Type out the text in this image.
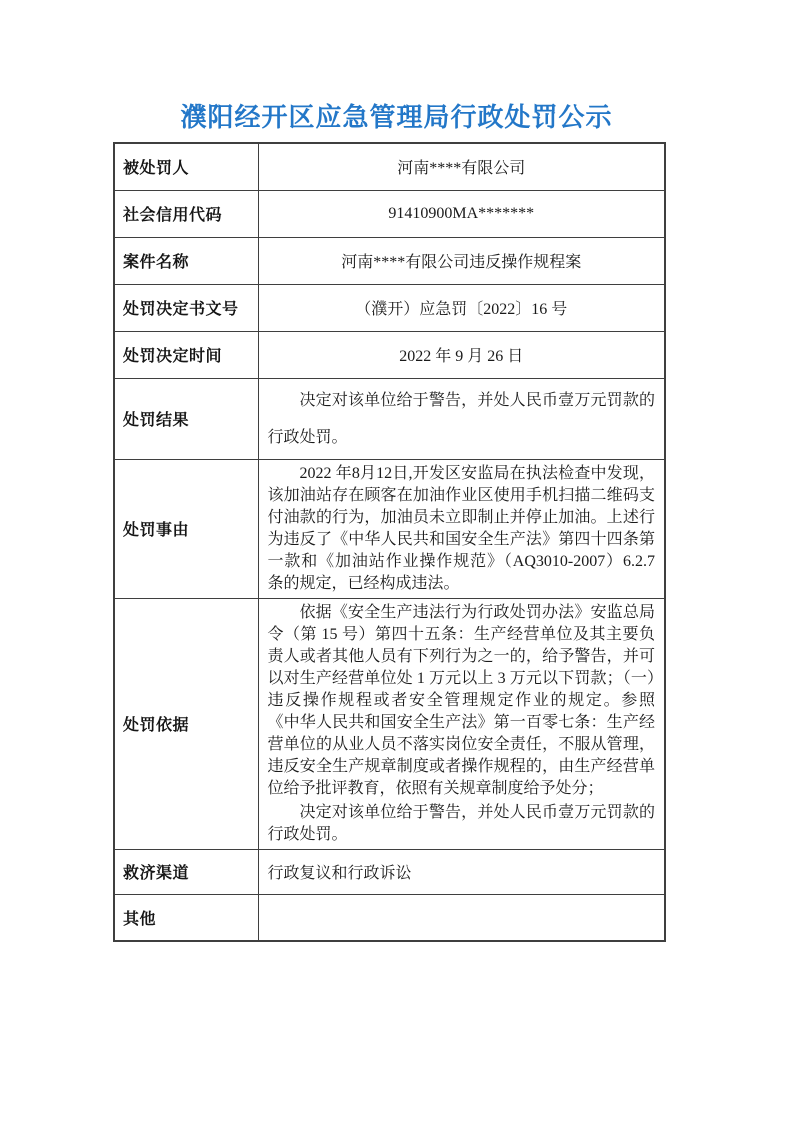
濮阳经开区应急管理局行政处罚公示
被处罚人	河南****有限公司
社会信用代码	91410900MA*******
案件名称	河南****有限公司违反操作规程案
处罚决定书文号	（濮开）应急罚〔2022〕16 号
处罚决定时间	2022 年 9 月 26 日
处罚结果	决定对该单位给于警告，并处人民币壹万元罚款的行政处罚。

处罚事由	2022 年8月12日,开发区安监局在执法检查中发现，该加油站存在顾客在加油作业区使用手机扫描二维码支付油款的行为，加油员未立即制止并停止加油。上述行为违反了《中华人民共和国安全生产法》第四十四条第一款和《加油站作业操作规范》（AQ3010-2007）6.2.7条的规定，已经构成违法。

处罚依据	依据《安全生产违法行为行政处罚办法》安监总局令（第 15 号）第四十五条：生产经营单位及其主要负责人或者其他人员有下列行为之一的，给予警告，并可以对生产经营单位处 1 万元以上 3 万元以下罚款；（一）违反操作规程或者安全管理规定作业的规定。参照 《中华人民共和国安全生产法》第一百零七条：生产经营单位的从业人员不落实岗位安全责任，不服从管理，违反安全生产规章制度或者操作规程的，由生产经营单位给予批评教育，依照有关规章制度给予处分；

决定对该单位给于警告，并处人民币壹万元罚款的行政处罚。

救济渠道	行政复议和行政诉讼
其他	
